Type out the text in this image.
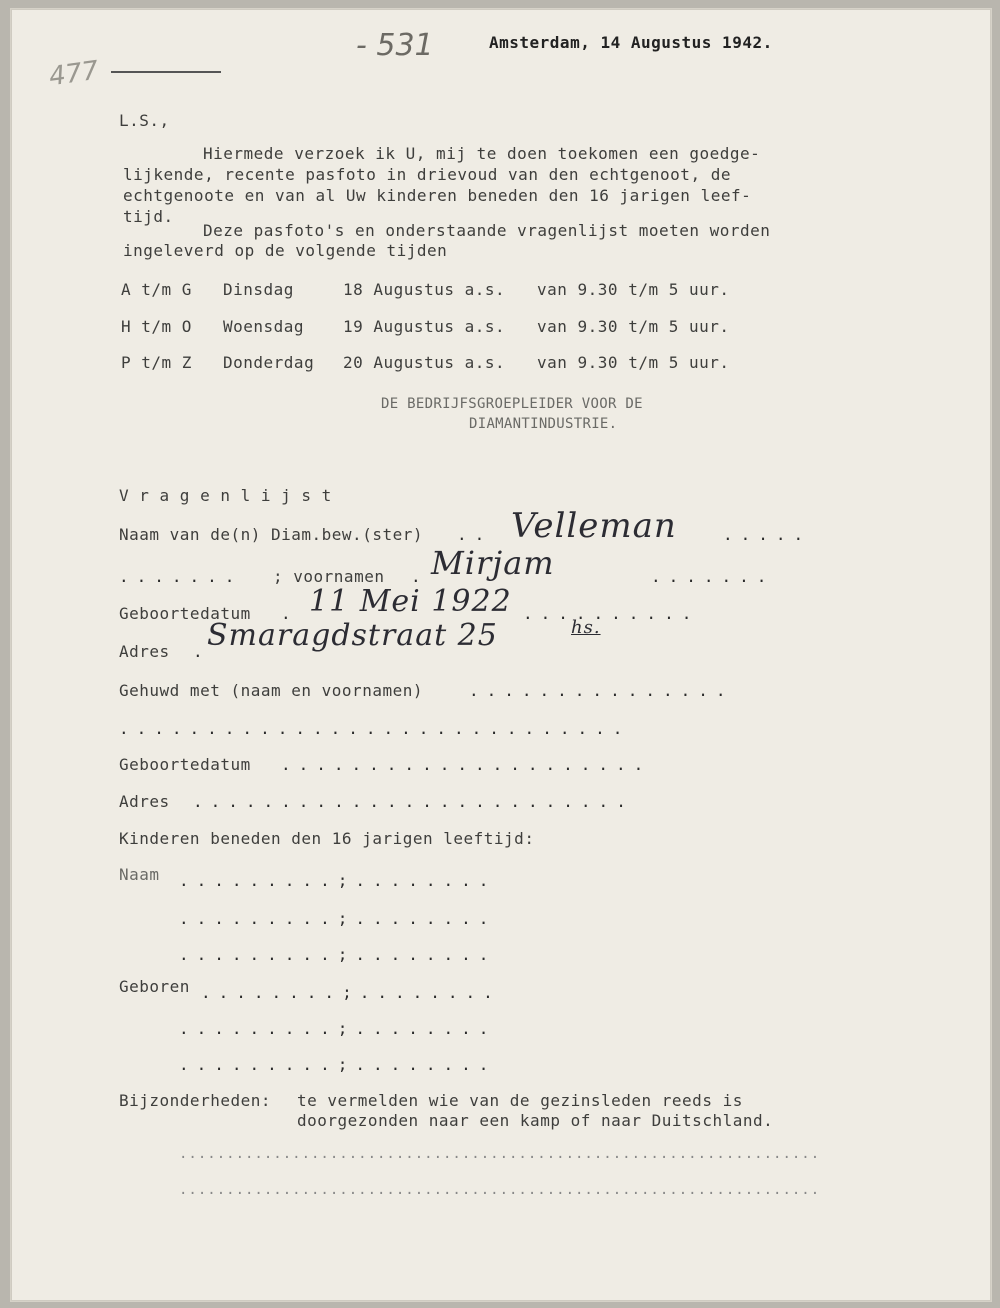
477
- 531	Amsterdam, 14 Augustus 1942.
L.S.,
Hiermede verzoek ik U, mij te doen toekomen een goedge-
lijkende, recente pasfoto in drievoud van den echtgenoot, de
echtgenoote en van al Uw kinderen beneden den 16 jarigen leef-
tijd.
Deze pasfoto's en onderstaande vragenlijst moeten worden
ingeleverd op de volgende tijden
A t/m G Dinsdag	18 Augustus a.s. van 9.30 t/m 5 uur.
H t/m O Woensdag 19 Augustus a.s. van 9.30 t/m 5 uur.
P t/m Z Donderdag 20 Augustus a.s. van 9.30 t/m 5 uur.
DE BEDRIJFSGROEPLEIDER VOOR DE
DIAMANTINDUSTRIE.
V r a g e n l i j s t
Naam van de(n) Diam.bew.(ster)	Velleman
..	.....
....... ; voornamen . Mirjam	.......
Geboortedatum 11 Mei 1922
.	..........
Adres .
Smaragdstraat 25	hs.
Gehuwd met (naam en voornamen)	...............
.............................
Geboortedatum .....................
Adres .........................
Kinderen beneden den 16 jarigen leeftijd:
Naam .........;........
.........;........
.........;........
Geboren ........;........
.........;........
.........;........
Bijzonderheden: te vermelden wie van de gezinsleden reeds is
doorgezonden naar een kamp of naar Duitschland.
....................................................................
....................................................................
